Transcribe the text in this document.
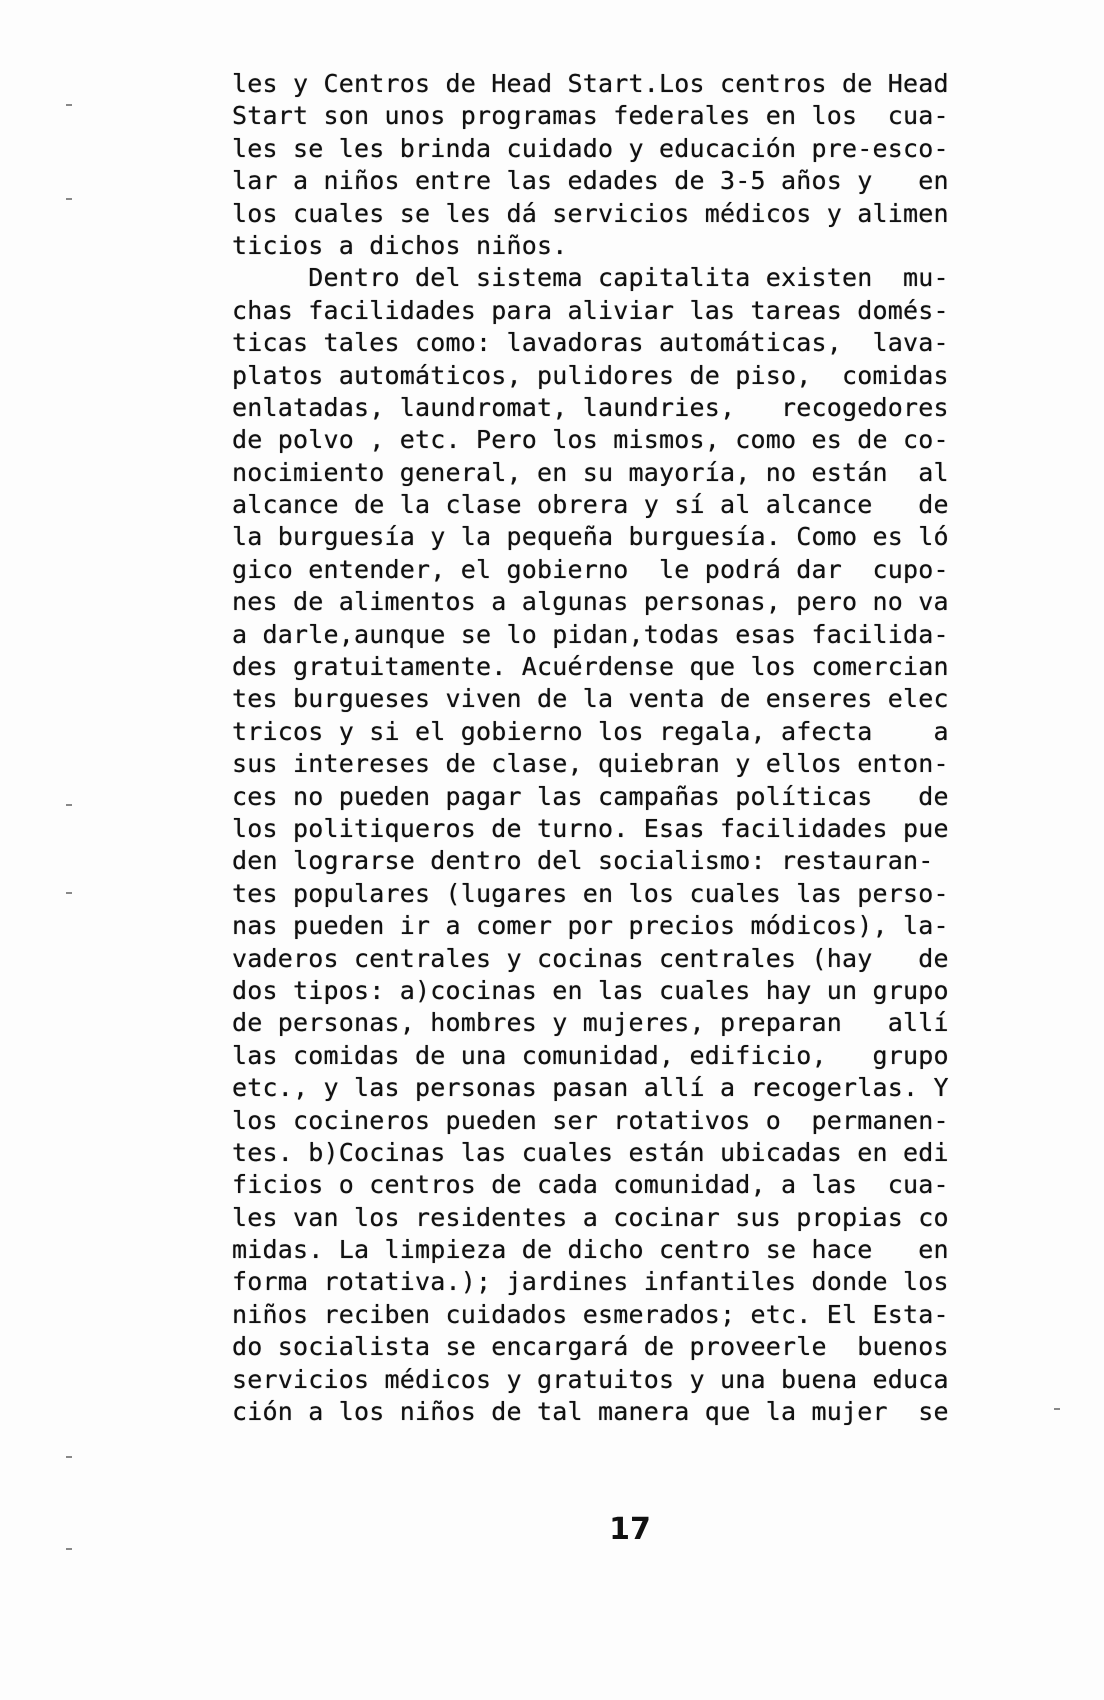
les y Centros de Head Start.Los centros de Head
Start son unos programas federales en los  cua-
les se les brinda cuidado y educación pre-esco-
lar a niños entre las edades de 3-5 años y   en
los cuales se les dá servicios médicos y alimen
ticios a dichos niños.
Dentro del sistema capitalita existen  mu-
chas facilidades para aliviar las tareas domés-
ticas tales como: lavadoras automáticas,  lava-
platos automáticos, pulidores de piso,  comidas
enlatadas, laundromat, laundries,   recogedores
de polvo , etc. Pero los mismos, como es de co-
nocimiento general, en su mayoría, no están  al
alcance de la clase obrera y sí al alcance   de
la burguesía y la pequeña burguesía. Como es ló
gico entender, el gobierno  le podrá dar  cupo-
nes de alimentos a algunas personas, pero no va
a darle,aunque se lo pidan,todas esas facilida-
des gratuitamente. Acuérdense que los comercian
tes burgueses viven de la venta de enseres elec
tricos y si el gobierno los regala, afecta    a
sus intereses de clase, quiebran y ellos enton-
ces no pueden pagar las campañas políticas   de
los politiqueros de turno. Esas facilidades pue
den lograrse dentro del socialismo: restauran-
tes populares (lugares en los cuales las perso-
nas pueden ir a comer por precios módicos), la-
vaderos centrales y cocinas centrales (hay   de
dos tipos: a)cocinas en las cuales hay un grupo
de personas, hombres y mujeres, preparan   allí
las comidas de una comunidad, edificio,   grupo
etc., y las personas pasan allí a recogerlas. Y
los cocineros pueden ser rotativos o  permanen-
tes. b)Cocinas las cuales están ubicadas en edi
ficios o centros de cada comunidad, a las  cua-
les van los residentes a cocinar sus propias co
midas. La limpieza de dicho centro se hace   en
forma rotativa.); jardines infantiles donde los
niños reciben cuidados esmerados; etc. El Esta-
do socialista se encargará de proveerle  buenos
servicios médicos y gratuitos y una buena educa
ción a los niños de tal manera que la mujer  se
17
